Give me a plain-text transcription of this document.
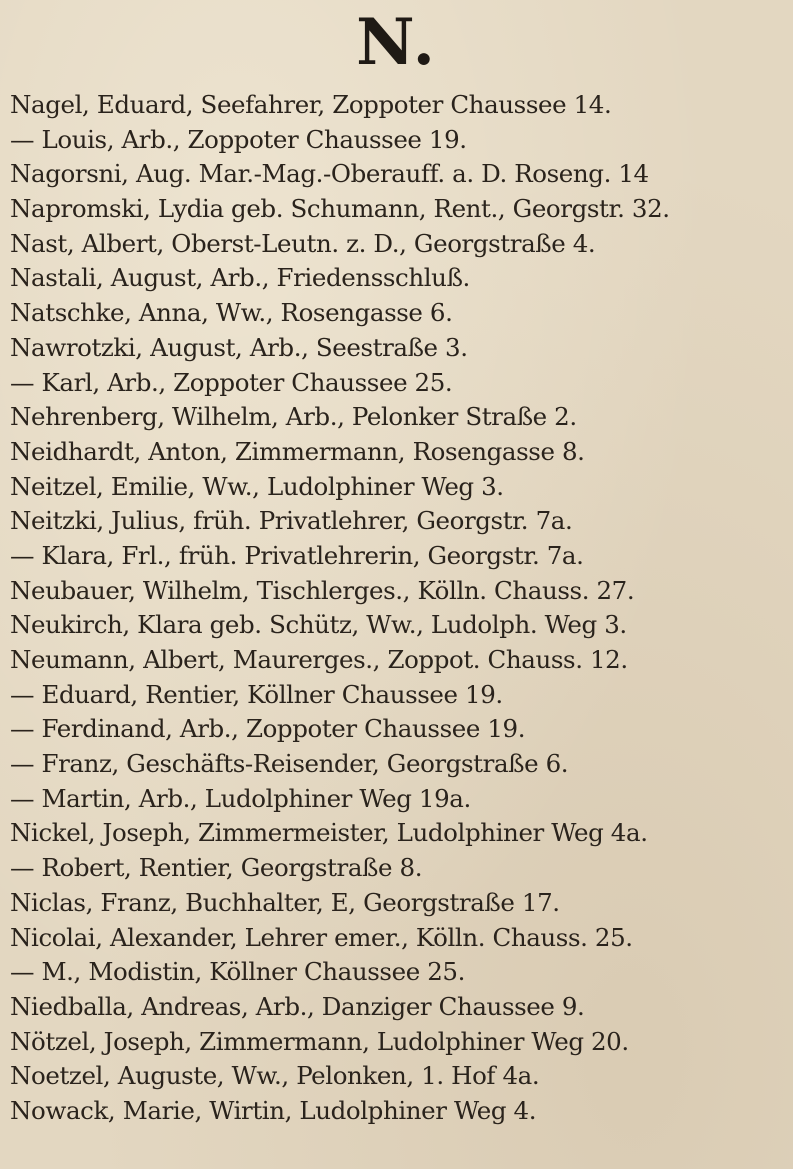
N.
Nagel, Eduard, Seefahrer, Zoppoter Chaussee 14.
— Louis, Arb., Zoppoter Chaussee 19.
Nagorsni, Aug. Mar.-Mag.-Oberauff. a. D. Roseng. 14
Napromski, Lydia geb. Schumann, Rent., Georgstr. 32.
Nast, Albert, Oberst-Leutn. z. D., Georgstraße 4.
Nastali, August, Arb., Friedensschluß.
Natschke, Anna, Ww., Rosengasse 6.
Nawrotzki, August, Arb., Seestraße 3.
— Karl, Arb., Zoppoter Chaussee 25.
Nehrenberg, Wilhelm, Arb., Pelonker Straße 2.
Neidhardt, Anton, Zimmermann, Rosengasse 8.
Neitzel, Emilie, Ww., Ludolphiner Weg 3.
Neitzki, Julius, früh. Privatlehrer, Georgstr. 7a.
— Klara, Frl., früh. Privatlehrerin, Georgstr. 7a.
Neubauer, Wilhelm, Tischlerges., Kölln. Chauss. 27.
Neukirch, Klara geb. Schütz, Ww., Ludolph. Weg 3.
Neumann, Albert, Maurerges., Zoppot. Chauss. 12.
— Eduard, Rentier, Köllner Chaussee 19.
— Ferdinand, Arb., Zoppoter Chaussee 19.
— Franz, Geschäfts-Reisender, Georgstraße 6.
— Martin, Arb., Ludolphiner Weg 19a.
Nickel, Joseph, Zimmermeister, Ludolphiner Weg 4a.
— Robert, Rentier, Georgstraße 8.
Niclas, Franz, Buchhalter, E, Georgstraße 17.
Nicolai, Alexander, Lehrer emer., Kölln. Chauss. 25.
— M., Modistin, Köllner Chaussee 25.
Niedballa, Andreas, Arb., Danziger Chaussee 9.
Nötzel, Joseph, Zimmermann, Ludolphiner Weg 20.
Noetzel, Auguste, Ww., Pelonken, 1. Hof 4a.
Nowack, Marie, Wirtin, Ludolphiner Weg 4.
